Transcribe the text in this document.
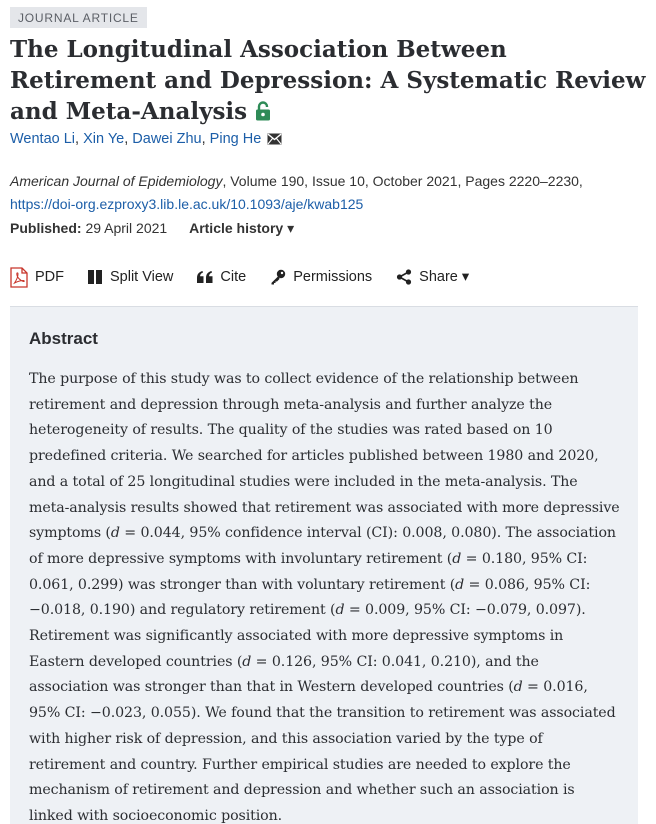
JOURNAL ARTICLE
The Longitudinal Association Between Retirement and Depression: A Systematic Review and Meta-Analysis
Wentao Li, Xin Ye, Dawei Zhu, Ping He
American Journal of Epidemiology, Volume 190, Issue 10, October 2021, Pages 2220–2230,
https://doi-org.ezproxy3.lib.le.ac.uk/10.1093/aje/kwab125
Published: 29 April 2021 Article history ▾
PDF	Split View	Cite	Permissions	Share ▾
Abstract

The purpose of this study was to collect evidence of the relationship between retirement and depression through meta-analysis and further analyze the heterogeneity of results. The quality of the studies was rated based on 10 predefined criteria. We searched for articles published between 1980 and 2020, and a total of 25 longitudinal studies were included in the meta-analysis. The meta-analysis results showed that retirement was associated with more depressive symptoms (d = 0.044, 95% confidence interval (CI): 0.008, 0.080). The association of more depressive symptoms with involuntary retirement (d = 0.180, 95% CI: 0.061, 0.299) was stronger than with voluntary retirement (d = 0.086, 95% CI: −0.018, 0.190) and regulatory retirement (d = 0.009, 95% CI: −0.079, 0.097). Retirement was significantly associated with more depressive symptoms in Eastern developed countries (d = 0.126, 95% CI: 0.041, 0.210), and the association was stronger than that in Western developed countries (d = 0.016, 95% CI: −0.023, 0.055). We found that the transition to retirement was associated with higher risk of depression, and this association varied by the type of retirement and country. Further empirical studies are needed to explore the mechanism of retirement and depression and whether such an association is linked with socioeconomic position.
